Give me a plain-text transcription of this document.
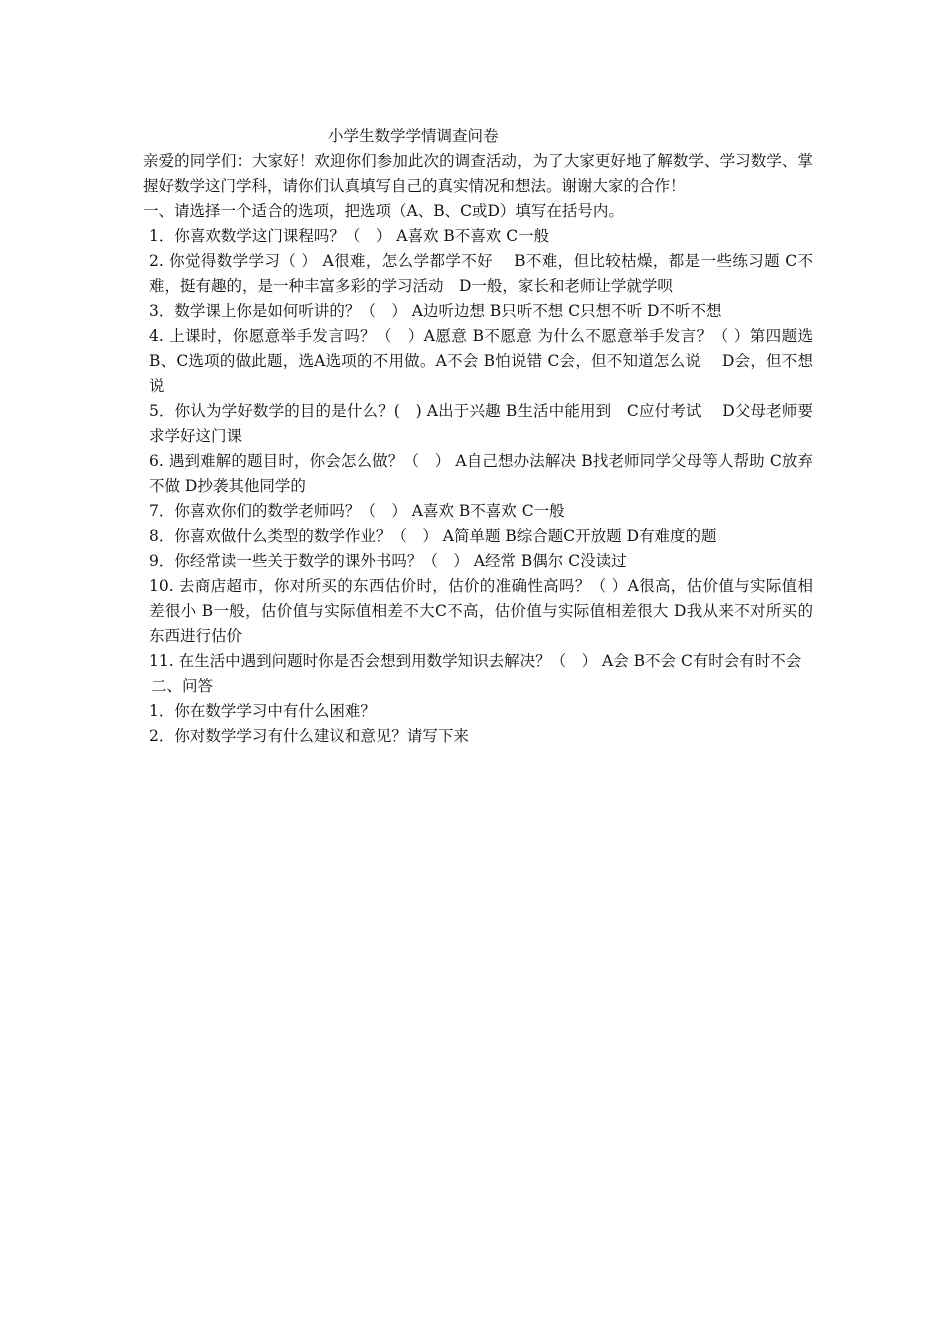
小学生数学学情调查问卷

亲爱的同学们：大家好！欢迎你们参加此次的调查活动，为了大家更好地了解数学、学习数学、掌握好数学这门学科，请你们认真填写自己的真实情况和想法。谢谢大家的合作！

一、请选择一个适合的选项，把选项（A、B、C或D）填写在括号内。

1．你喜欢数学这门课程吗？（　） A喜欢 B不喜欢 C一般

2. 你觉得数学学习（ ） A很难，怎么学都学不好　 B不难，但比较枯燥，都是一些练习题 C不难，挺有趣的，是一种丰富多彩的学习活动　D一般，家长和老师让学就学呗

3．数学课上你是如何听讲的？（　） A边听边想 B只听不想 C只想不听 D不听不想

4. 上课时，你愿意举手发言吗？（　）A愿意 B不愿意 为什么不愿意举手发言？（ ）第四题选B、C选项的做此题，选A选项的不用做。A不会 B怕说错 C会，但不知道怎么说　 D会，但不想说

5．你认为学好数学的目的是什么？(　) A出于兴趣 B生活中能用到　C应付考试　 D父母老师要求学好这门课

6. 遇到难解的题目时，你会怎么做？（　） A自己想办法解决 B找老师同学父母等人帮助 C放弃不做 D抄袭其他同学的

7．你喜欢你们的数学老师吗？（　） A喜欢 B不喜欢 C一般

8．你喜欢做什么类型的数学作业？（　） A简单题 B综合题C开放题 D有难度的题

9．你经常读一些关于数学的课外书吗？（　） A经常 B偶尔 C没读过

10. 去商店超市，你对所买的东西估价时，估价的准确性高吗？（ ）A很高，估价值与实际值相差很小 B一般，估价值与实际值相差不大C不高，估价值与实际值相差很大 D我从来不对所买的东西进行估价

11. 在生活中遇到问题时你是否会想到用数学知识去解决？（　） A会 B不会 C有时会有时不会

二、问答

1．你在数学学习中有什么困难？

2．你对数学学习有什么建议和意见？请写下来
